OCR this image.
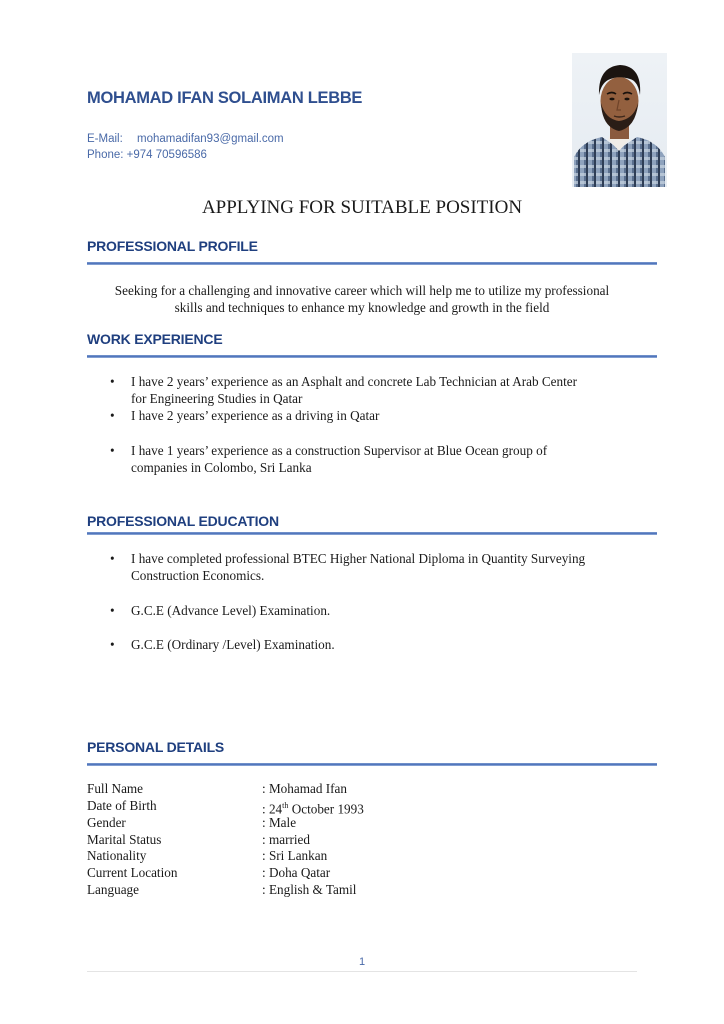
MOHAMAD IFAN SOLAIMAN LEBBE
E-Mail: mohamadifan93@gmail.com
Phone: +974 70596586
APPLYING FOR SUITABLE POSITION
PROFESSIONAL PROFILE
Seeking for a challenging and innovative career which will help me to utilize my professional
skills and techniques to enhance my knowledge and growth in the field
WORK EXPERIENCE
• I have 2 years’ experience as an Asphalt and concrete Lab Technician at Arab Center
for Engineering Studies in Qatar
• I have 2 years’ experience as a driving in Qatar
• I have 1 years’ experience as a construction Supervisor at Blue Ocean group of
companies in Colombo, Sri Lanka
PROFESSIONAL EDUCATION
• I have completed professional BTEC Higher National Diploma in Quantity Surveying
Construction Economics.
• G.C.E (Advance Level) Examination.
• G.C.E (Ordinary /Level) Examination.
PERSONAL DETAILS
Full Name	: Mohamad Ifan
Date of Birth	: 24th October 1993
Gender	: Male
Marital Status	: married
Nationality	: Sri Lankan
Current Location	: Doha Qatar
Language	: English & Tamil
1
